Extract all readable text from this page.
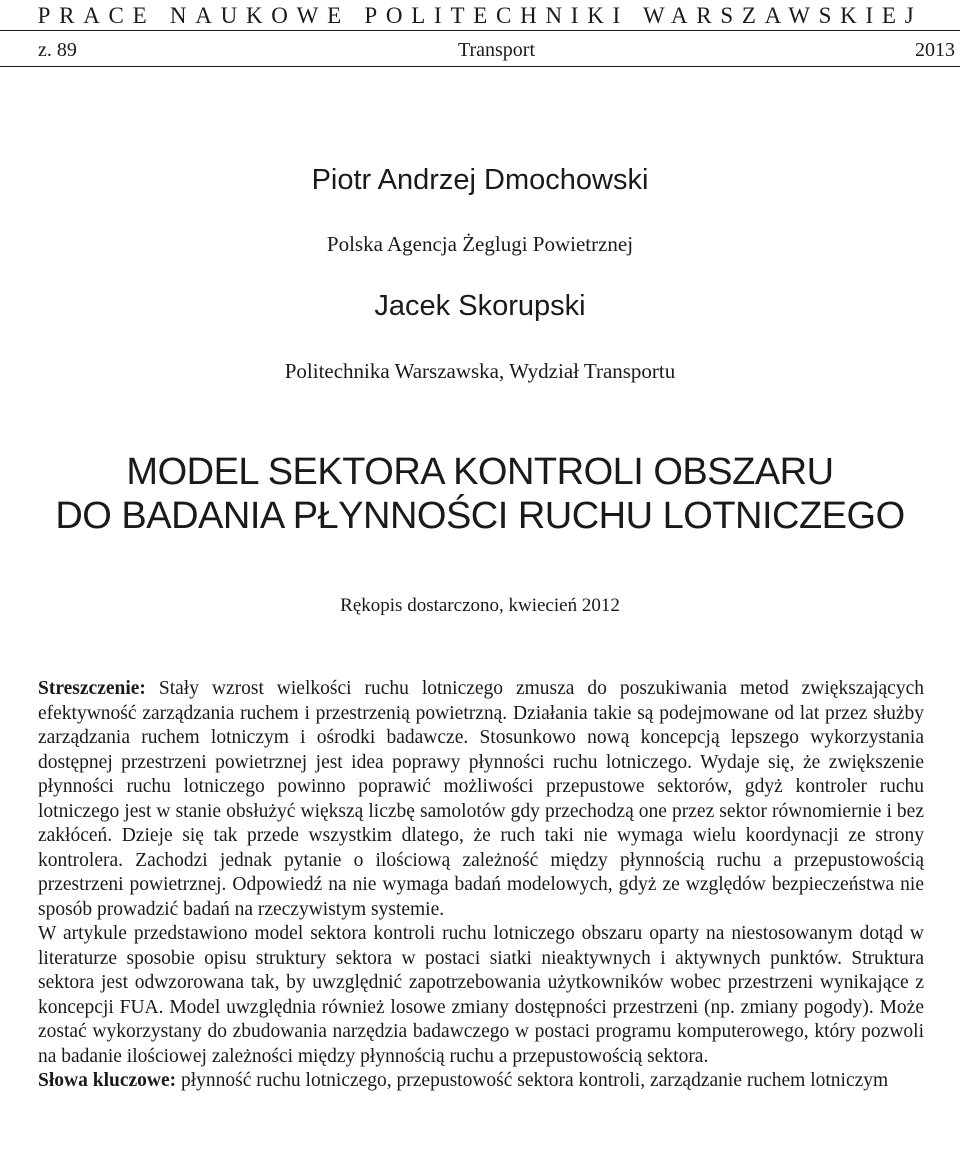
PRACE NAUKOWE POLITECHNIKI WARSZAWSKIEJ
z. 89	Transport	2013
Piotr Andrzej Dmochowski
Polska Agencja Żeglugi Powietrznej
Jacek Skorupski
Politechnika Warszawska, Wydział Transportu
MODEL SEKTORA KONTROLI OBSZARU
DO BADANIA PŁYNNOŚCI RUCHU LOTNICZEGO
Rękopis dostarczono, kwiecień 2012

Streszczenie: Stały wzrost wielkości ruchu lotniczego zmusza do poszukiwania metod zwiększających efektywność zarządzania ruchem i przestrzenią powietrzną. Działania takie są podejmowane od lat przez służby zarządzania ruchem lotniczym i ośrodki badawcze. Stosunkowo nową koncepcją lepszego wykorzystania dostępnej przestrzeni powietrznej jest idea poprawy płynności ruchu lotniczego. Wydaje się, że zwiększenie płynności ruchu lotniczego powinno poprawić możliwości przepustowe sektorów, gdyż kontroler ruchu lotniczego jest w stanie obsłużyć większą liczbę samolotów gdy przechodzą one przez sektor równomiernie i bez zakłóceń. Dzieje się tak przede wszystkim dlatego, że ruch taki nie wymaga wielu koordynacji ze strony kontrolera. Zachodzi jednak pytanie o ilościową zależność między płynnością ruchu a przepustowością przestrzeni powietrznej. Odpowiedź na nie wymaga badań modelowych, gdyż ze względów bezpieczeństwa nie sposób prowadzić badań na rzeczywistym systemie.

W artykule przedstawiono model sektora kontroli ruchu lotniczego obszaru oparty na niestosowanym dotąd w literaturze sposobie opisu struktury sektora w postaci siatki nieaktywnych i aktywnych punktów. Struktura sektora jest odwzorowana tak, by uwzględnić zapotrzebowania użytkowników wobec przestrzeni wynikające z koncepcji FUA. Model uwzględnia również losowe zmiany dostępności przestrzeni (np. zmiany pogody). Może zostać wykorzystany do zbudowania narzędzia badawczego w postaci programu komputerowego, który pozwoli na badanie ilościowej zależności między płynnością ruchu a przepustowością sektora.

Słowa kluczowe: płynność ruchu lotniczego, przepustowość sektora kontroli, zarządzanie ruchem lotniczym
